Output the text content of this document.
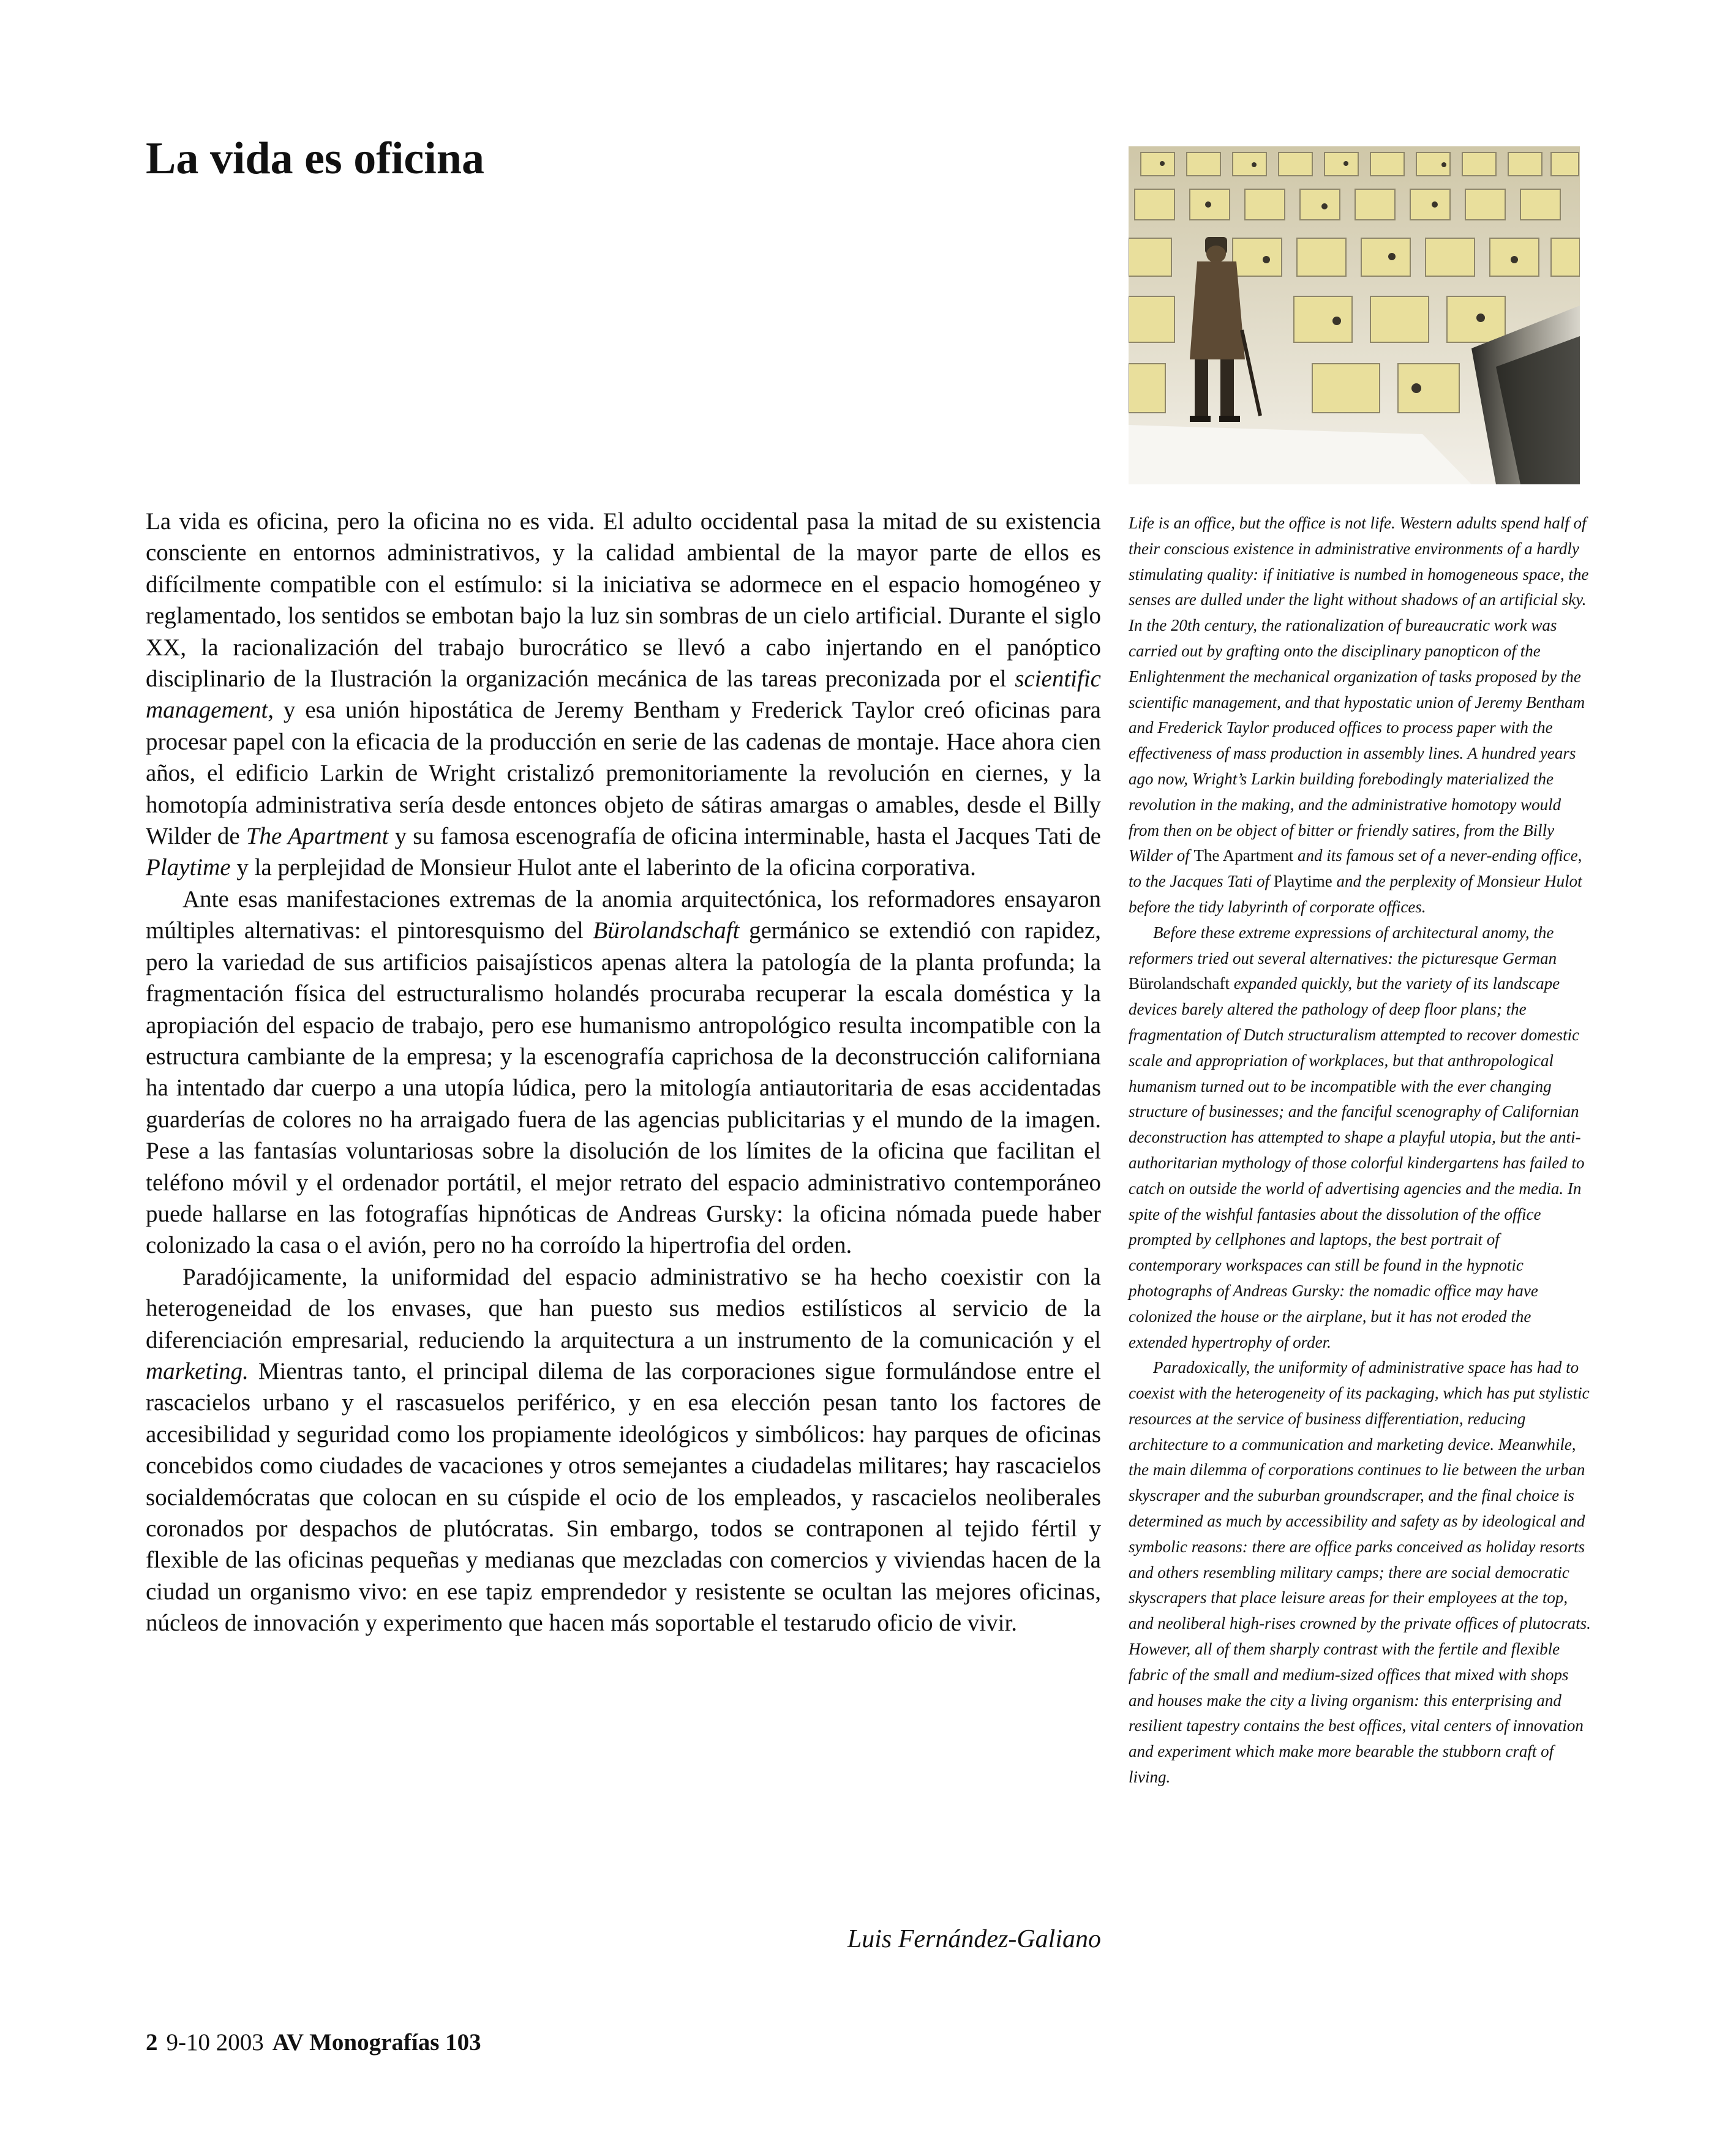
La vida es oficina

La vida es oficina, pero la oficina no es vida. El adulto occidental pasa la mitad de su existencia consciente en entornos administrativos, y la calidad ambiental de la mayor parte de ellos es difícilmente compatible con el estímulo: si la iniciativa se adormece en el espacio homogéneo y reglamentado, los sentidos se embotan bajo la luz sin sombras de un cielo artificial. Durante el siglo XX, la racionalización del trabajo burocrático se llevó a cabo injertando en el panóptico disciplinario de la Ilustración la organización mecánica de las tareas preconizada por el scientific management, y esa unión hipostática de Jeremy Bentham y Frederick Taylor creó oficinas para procesar papel con la eficacia de la producción en serie de las cadenas de montaje. Hace ahora cien años, el edificio Larkin de Wright cristalizó premonitoriamente la revolución en ciernes, y la homotopía administrativa sería desde entonces objeto de sátiras amargas o amables, desde el Billy Wilder de The Apartment y su famosa escenografía de oficina interminable, hasta el Jacques Tati de Playtime y la perplejidad de Monsieur Hulot ante el laberinto de la oficina corporativa.

Ante esas manifestaciones extremas de la anomia arquitectónica, los reformadores ensayaron múltiples alternativas: el pintoresquismo del Bürolandschaft germánico se extendió con rapidez, pero la variedad de sus artificios paisajísticos apenas altera la patología de la planta profunda; la fragmentación física del estructuralismo holandés procuraba recuperar la escala doméstica y la apropiación del espacio de trabajo, pero ese humanismo antropológico resulta incompatible con la estructura cambiante de la empresa; y la escenografía caprichosa de la deconstrucción californiana ha intentado dar cuerpo a una utopía lúdica, pero la mitología antiautoritaria de esas accidentadas guarderías de colores no ha arraigado fuera de las agencias publicitarias y el mundo de la imagen. Pese a las fantasías voluntariosas sobre la disolución de los límites de la oficina que facilitan el teléfono móvil y el ordenador portátil, el mejor retrato del espacio administrativo contemporáneo puede hallarse en las fotografías hipnóticas de Andreas Gursky: la oficina nómada puede haber colonizado la casa o el avión, pero no ha corroído la hipertrofia del orden.

Paradójicamente, la uniformidad del espacio administrativo se ha hecho coexistir con la heterogeneidad de los envases, que han puesto sus medios estilísticos al servicio de la diferenciación empresarial, reduciendo la arquitectura a un instrumento de la comunicación y el marketing. Mientras tanto, el principal dilema de las corporaciones sigue formulándose entre el rascacielos urbano y el rascasuelos periférico, y en esa elección pesan tanto los factores de accesibilidad y seguridad como los propiamente ideológicos y simbólicos: hay parques de oficinas concebidos como ciudades de vacaciones y otros semejantes a ciudadelas militares; hay rascacielos socialdemócratas que colocan en su cúspide el ocio de los empleados, y rascacielos neoliberales coronados por despachos de plutócratas. Sin embargo, todos se contraponen al tejido fértil y flexible de las oficinas pequeñas y medianas que mezcladas con comercios y viviendas hacen de la ciudad un organismo vivo: en ese tapiz emprendedor y resistente se ocultan las mejores oficinas, núcleos de innovación y experimento que hacen más soportable el testarudo oficio de vivir.

Luis Fernández-Galiano

Life is an office, but the office is not life. Western adults spend half of their conscious existence in administrative environments of a hardly stimulating quality: if initiative is numbed in homogeneous space, the senses are dulled under the light without shadows of an artificial sky. In the 20th century, the rationalization of bureaucratic work was carried out by grafting onto the disciplinary panopticon of the Enlightenment the mechanical organization of tasks proposed by the scientific management, and that hypostatic union of Jeremy Bentham and Frederick Taylor produced offices to process paper with the effectiveness of mass production in assembly lines. A hundred years ago now, Wright’s Larkin building forebodingly materialized the revolution in the making, and the administrative homotopy would from then on be object of bitter or friendly satires, from the Billy Wilder of The Apartment and its famous set of a never-ending office, to the Jacques Tati of Playtime and the perplexity of Monsieur Hulot before the tidy labyrinth of corporate offices.

Before these extreme expressions of architectural anomy, the reformers tried out several alternatives: the picturesque German Bürolandschaft expanded quickly, but the variety of its landscape devices barely altered the pathology of deep floor plans; the fragmentation of Dutch structuralism attempted to recover domestic scale and appropriation of workplaces, but that anthropological humanism turned out to be incompatible with the ever changing structure of businesses; and the fanciful scenography of Californian deconstruction has attempted to shape a playful utopia, but the anti-authoritarian mythology of those colorful kindergartens has failed to catch on outside the world of advertising agencies and the media. In spite of the wishful fantasies about the dissolution of the office prompted by cellphones and laptops, the best portrait of contemporary workspaces can still be found in the hypnotic photographs of Andreas Gursky: the nomadic office may have colonized the house or the airplane, but it has not eroded the extended hypertrophy of order.

Paradoxically, the uniformity of administrative space has had to coexist with the heterogeneity of its packaging, which has put stylistic resources at the service of business differentiation, reducing architecture to a communication and marketing device. Meanwhile, the main dilemma of corporations continues to lie between the urban skyscraper and the suburban groundscraper, and the final choice is determined as much by accessibility and safety as by ideological and symbolic reasons: there are office parks conceived as holiday resorts and others resembling military camps; there are social democratic skyscrapers that place leisure areas for their employees at the top, and neoliberal high-rises crowned by the private offices of plutocrats. However, all of them sharply contrast with the fertile and flexible fabric of the small and medium-sized offices that mixed with shops and houses make the city a living organism: this enterprising and resilient tapestry contains the best offices, vital centers of innovation and experiment which make more bearable the stubborn craft of living.

2 9-10 2003 AV Monografías 103
